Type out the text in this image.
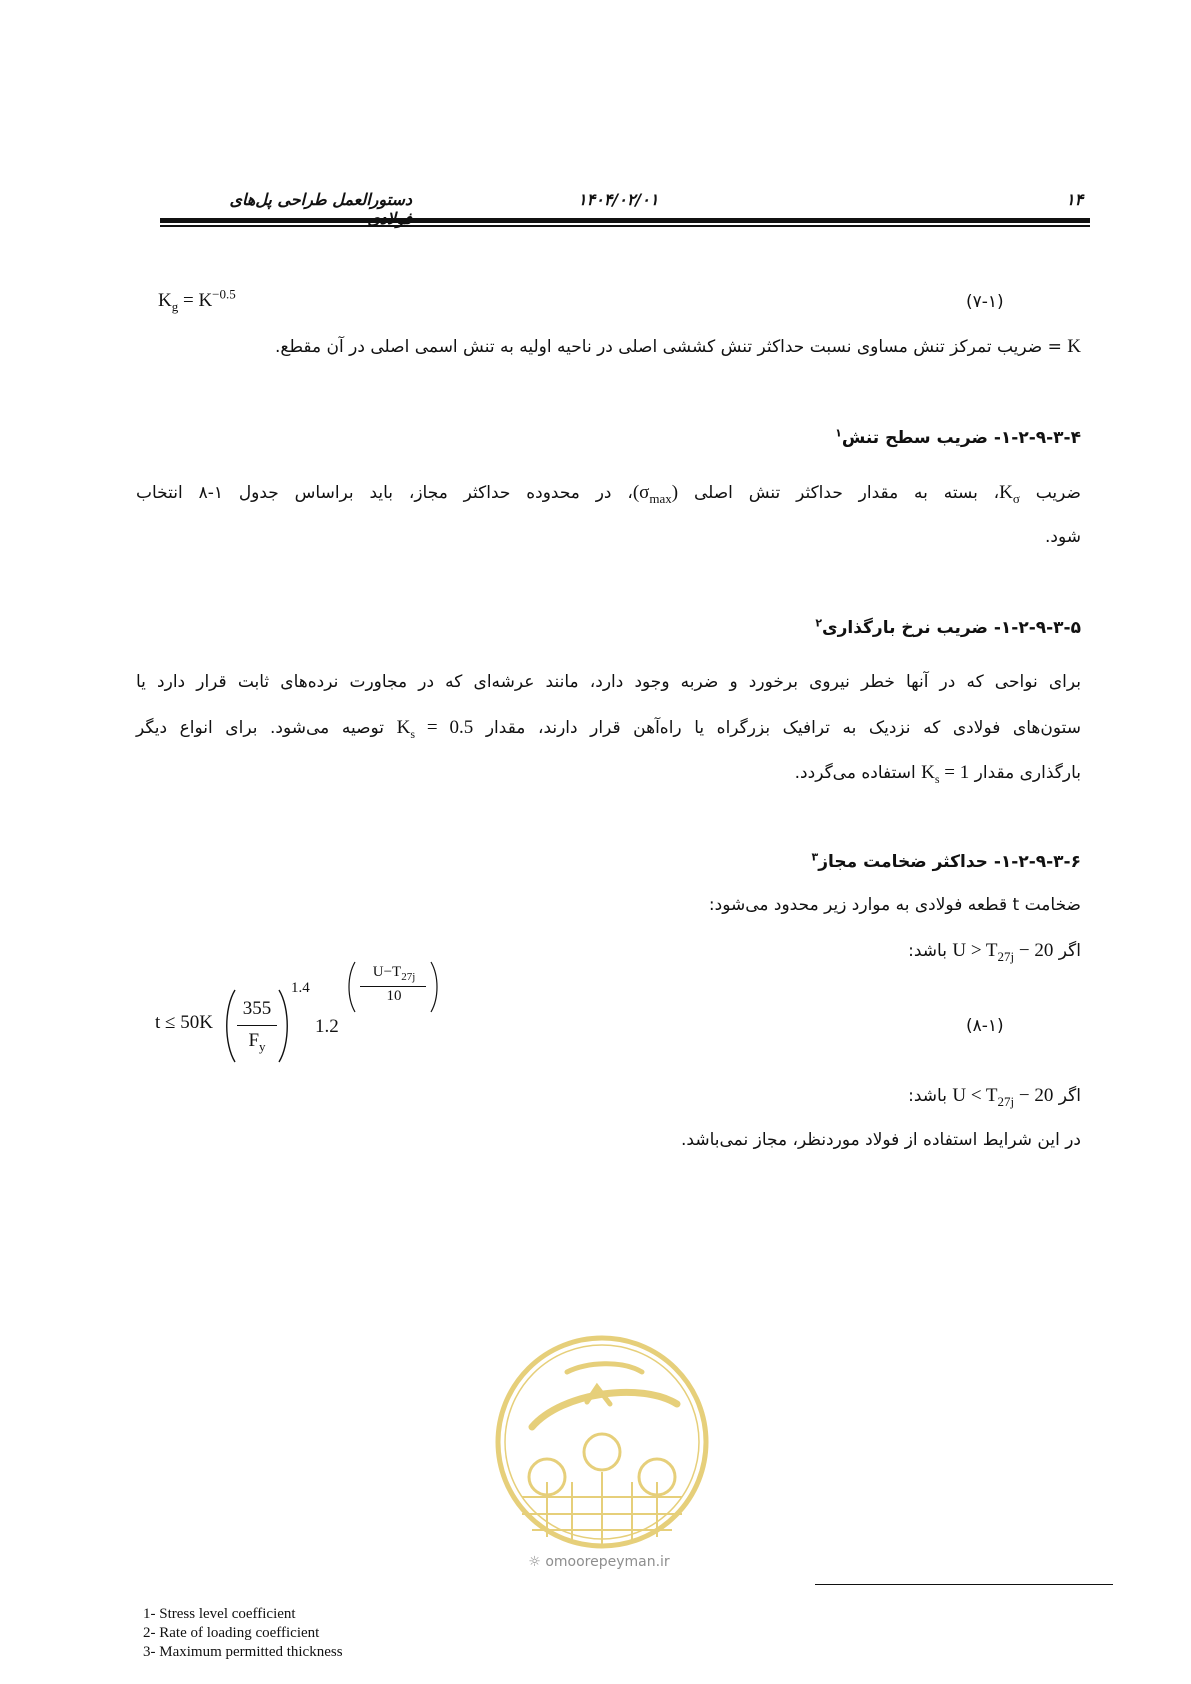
دستورالعمل طراحی پل‌های	۱۴۰۴/۰۲/۰۱	۱۴
$K_g = K^{-0.5}$	(۷-۱)
K = ضریب تمرکز تنش مساوی نسبت حداکثر تنش کششی اصلی در ناحیه اولیه به تنش اسمی اصلی در آن مقطع.
۱-۲-۹-۳-۴- ضریب سطح تنش$^۱$
ضریب $K_\sigma،$ بسته به مقدار حداکثر تنش اصلی $(\sigma_{max})،$ در محدوده حداکثر مجاز، باید براساس جدول ۱-۸ انتخاب
شود.
۱-۲-۹-۳-۵- ضریب نرخ بارگذاری$^۲$
برای نواحی که در آنها خطر نیروی برخورد و ضربه وجود دارد، مانند عرشه‌ای که در مجاورت نرده‌های ثابت قرار دارد یا
ستون‌های فولادی که نزدیک به ترافیک بزرگراه یا راه‌آهن قرار دارند، مقدار $K_s = 0.5$ توصیه می‌شود. برای انواع دیگر
بارگذاری مقدار $K_s = 1$ استفاده می‌گردد.
۱-۲-۹-۳-۶- حداکثر ضخامت مجاز$^۳$
ضخامت t قطعه فولادی به موارد زیر محدود می‌شود:
اگر $U > T_{27j} - 20$ باشد:
t ≤ 50K
355
$F_y$
1.4
1.2
$U-T_{27j}$
10
(۸-۱)
اگر $U < T_{27j} - 20$ باشد:
در این شرایط استفاده از فولاد موردنظر، مجاز نمی‌باشد.
☼ omoorepeyman.ir
1- Stress level coefficient
2- Rate of loading coefficient
3- Maximum permitted thickness
